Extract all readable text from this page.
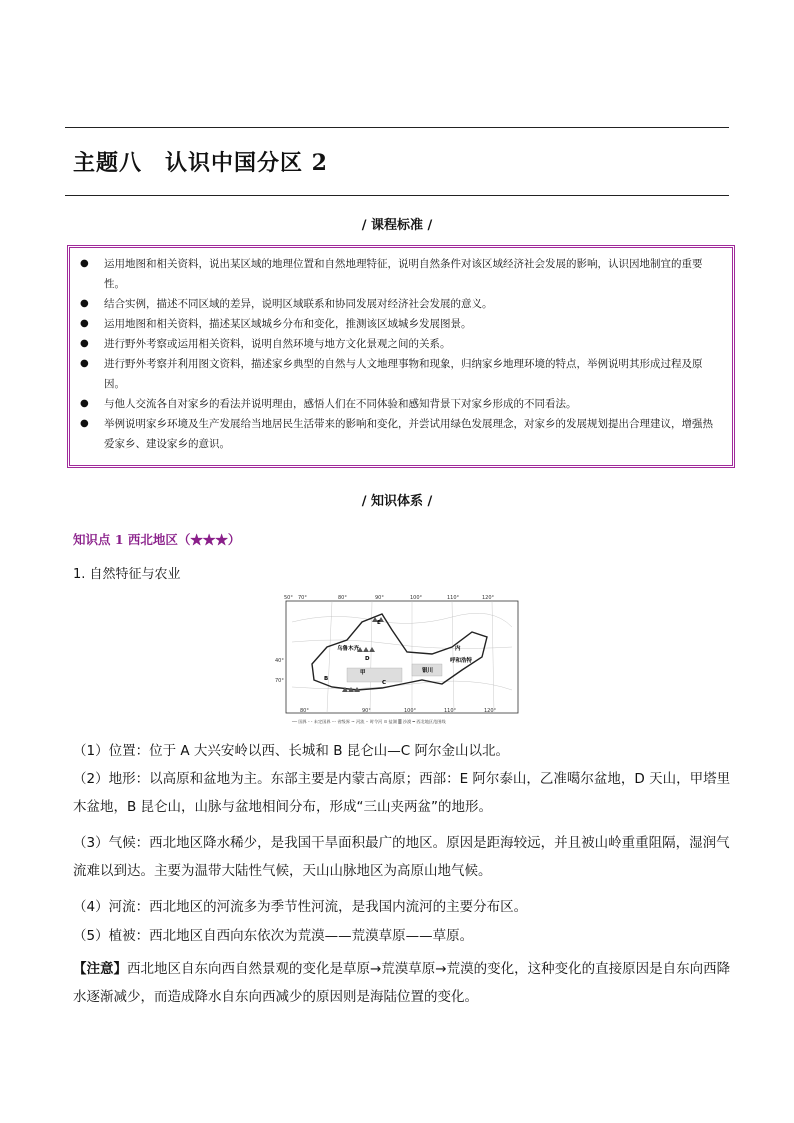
主题八　认识中国分区 2
/ 课程标准 /
● 运用地图和相关资料，说出某区域的地理位置和自然地理特征，说明自然条件对该区域经济社会发展的影响，认识因地制宜的重要性。
● 结合实例，描述不同区域的差异，说明区域联系和协同发展对经济社会发展的意义。
● 运用地图和相关资料，描述某区域城乡分布和变化，推测该区域城乡发展图景。
● 进行野外考察或运用相关资料，说明自然环境与地方文化景观之间的关系。
● 进行野外考察并利用图文资料，描述家乡典型的自然与人文地理事物和现象，归纳家乡地理环境的特点，举例说明其形成过程及原因。
● 与他人交流各自对家乡的看法并说明理由，感悟人们在不同体验和感知背景下对家乡形成的不同看法。
● 举例说明家乡环境及生产发展给当地居民生活带来的影响和变化，并尝试用绿色发展理念，对家乡的发展规划提出合理建议，增强热爱家乡、建设家乡的意识。
/ 知识体系 /
知识点 1 西北地区（★★★）
1. 自然特征与农业
50° 70°	80°	90°	100°	110°	120°
80°	90°	100°	110°	120°
40°
70°
乌鲁木齐
D
甲
C
B
E
内
呼和浩特
银川
── 国界 - - 未定国界 ·-· 省级界 ~ 河流 ·· 时令河 ⊙ 盐湖 ▒ 沙漠 ━ 西北地区范围线
（1）位置：位于 A 大兴安岭以西、长城和 B 昆仑山—C 阿尔金山以北。
（2）地形：以高原和盆地为主。东部主要是内蒙古高原；西部：E 阿尔泰山，乙准噶尔盆地，D 天山，甲塔里木盆地，B 昆仑山，山脉与盆地相间分布，形成“三山夹两盆”的地形。
（3）气候：西北地区降水稀少，是我国干旱面积最广的地区。原因是距海较远，并且被山岭重重阻隔，湿润气流难以到达。主要为温带大陆性气候，天山山脉地区为高原山地气候。
（4）河流：西北地区的河流多为季节性河流，是我国内流河的主要分布区。
（5）植被：西北地区自西向东依次为荒漠——荒漠草原——草原。
【注意】西北地区自东向西自然景观的变化是草原→荒漠草原→荒漠的变化，这种变化的直接原因是自东向西降水逐渐减少，而造成降水自东向西减少的原因则是海陆位置的变化。
